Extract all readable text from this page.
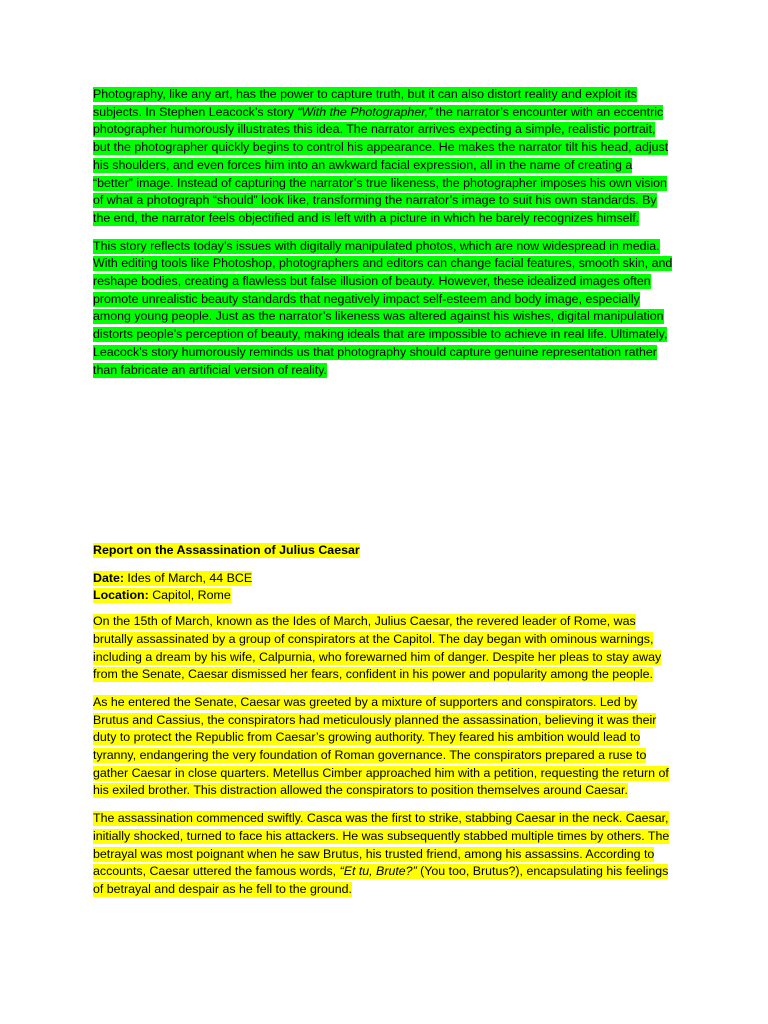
Photography, like any art, has the power to capture truth, but it can also distort reality and exploit its subjects. In Stephen Leacock’s story “With the Photographer,” the narrator’s encounter with an eccentric photographer humorously illustrates this idea. The narrator arrives expecting a simple, realistic portrait, but the photographer quickly begins to control his appearance. He makes the narrator tilt his head, adjust his shoulders, and even forces him into an awkward facial expression, all in the name of creating a “better” image. Instead of capturing the narrator’s true likeness, the photographer imposes his own vision of what a photograph “should” look like, transforming the narrator’s image to suit his own standards. By the end, the narrator feels objectified and is left with a picture in which he barely recognizes himself.

This story reflects today’s issues with digitally manipulated photos, which are now widespread in media. With editing tools like Photoshop, photographers and editors can change facial features, smooth skin, and reshape bodies, creating a flawless but false illusion of beauty. However, these idealized images often promote unrealistic beauty standards that negatively impact self-esteem and body image, especially among young people. Just as the narrator’s likeness was altered against his wishes, digital manipulation distorts people’s perception of beauty, making ideals that are impossible to achieve in real life. Ultimately, Leacock’s story humorously reminds us that photography should capture genuine representation rather than fabricate an artificial version of reality.

Report on the Assassination of Julius Caesar

Date: Ides of March, 44 BCE
Location: Capitol, Rome

On the 15th of March, known as the Ides of March, Julius Caesar, the revered leader of Rome, was brutally assassinated by a group of conspirators at the Capitol. The day began with ominous warnings, including a dream by his wife, Calpurnia, who forewarned him of danger. Despite her pleas to stay away from the Senate, Caesar dismissed her fears, confident in his power and popularity among the people.

As he entered the Senate, Caesar was greeted by a mixture of supporters and conspirators. Led by Brutus and Cassius, the conspirators had meticulously planned the assassination, believing it was their duty to protect the Republic from Caesar’s growing authority. They feared his ambition would lead to tyranny, endangering the very foundation of Roman governance. The conspirators prepared a ruse to gather Caesar in close quarters. Metellus Cimber approached him with a petition, requesting the return of his exiled brother. This distraction allowed the conspirators to position themselves around Caesar.

The assassination commenced swiftly. Casca was the first to strike, stabbing Caesar in the neck. Caesar, initially shocked, turned to face his attackers. He was subsequently stabbed multiple times by others. The betrayal was most poignant when he saw Brutus, his trusted friend, among his assassins. According to accounts, Caesar uttered the famous words, “Et tu, Brute?” (You too, Brutus?), encapsulating his feelings of betrayal and despair as he fell to the ground.
